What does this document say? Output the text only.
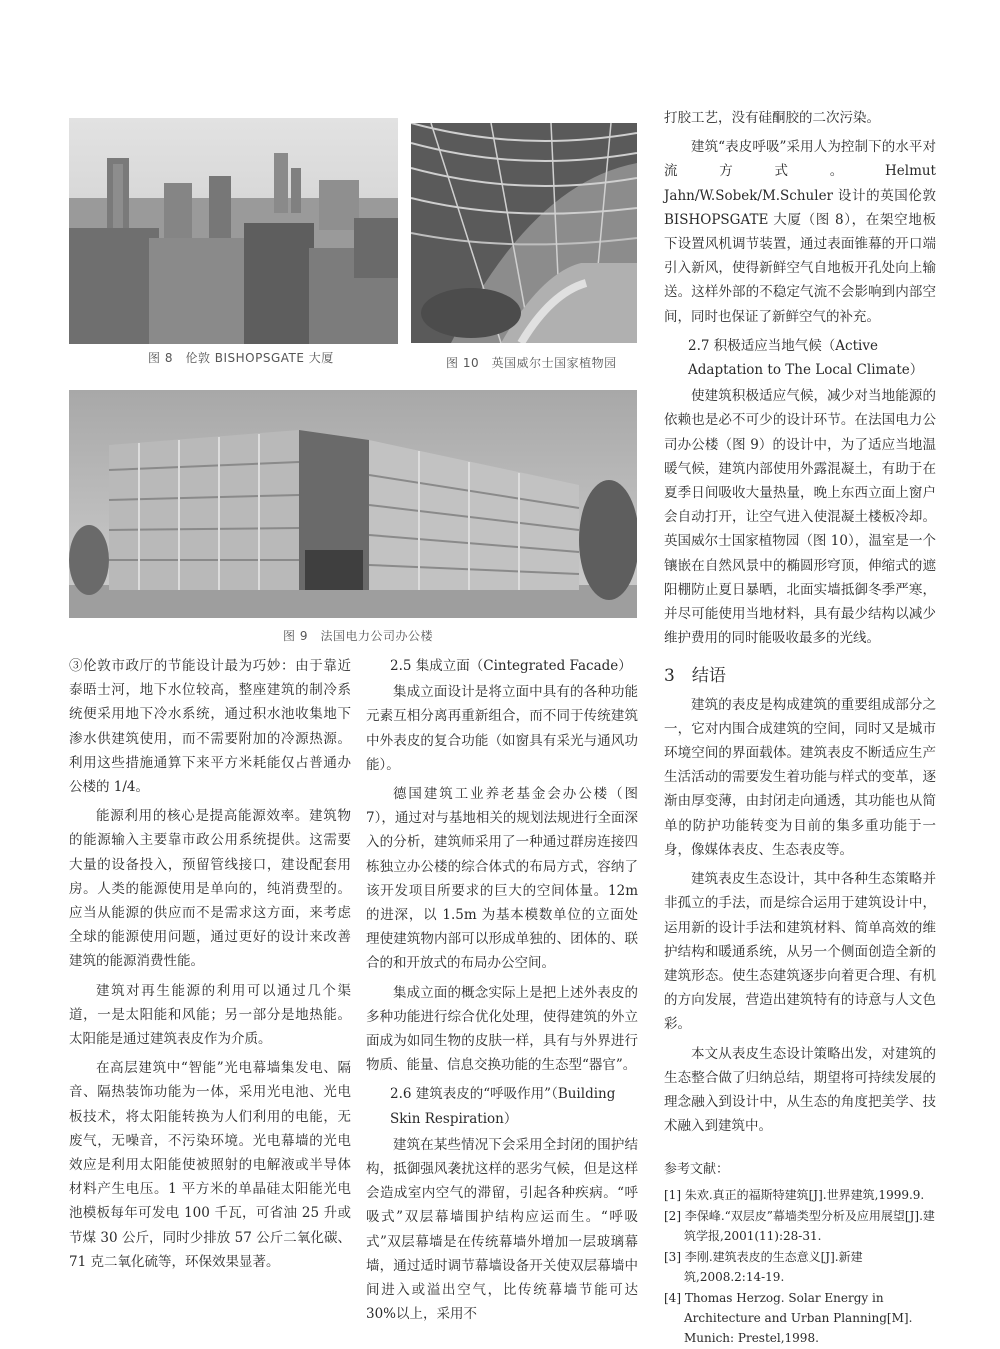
图 8　伦敦 BISHOPSGATE 大厦	图 10　英国威尔士国家植物园
图 9　法国电力公司办公楼

③伦敦市政厅的节能设计最为巧妙：由于靠近泰晤士河，地下水位较高，整座建筑的制冷系统便采用地下冷水系统，通过积水池收集地下渗水供建筑使用，而不需要附加的冷源热源。利用这些措施通算下来平方米耗能仅占普通办公楼的 1/4。

能源利用的核心是提高能源效率。建筑物的能源输入主要靠市政公用系统提供。这需要大量的设备投入，预留管线接口，建设配套用房。人类的能源使用是单向的，纯消费型的。应当从能源的供应而不是需求这方面，来考虑全球的能源使用问题，通过更好的设计来改善建筑的能源消费性能。

建筑对再生能源的利用可以通过几个渠道，一是太阳能和风能；另一部分是地热能。太阳能是通过建筑表皮作为介质。

在高层建筑中“智能”光电幕墙集发电、隔音、隔热装饰功能为一体，采用光电池、光电板技术，将太阳能转换为人们利用的电能，无废气，无噪音，不污染环境。光电幕墙的光电效应是利用太阳能使被照射的电解液或半导体材料产生电压。1 平方米的单晶硅太阳能光电池模板每年可发电 100 千瓦，可省油 25 升或节煤 30 公斤，同时少排放 57 公斤二氧化碳、71 克二氧化硫等，环保效果显著。

2.5 集成立面（Cintegrated Facade）

集成立面设计是将立面中具有的各种功能元素互相分离再重新组合，而不同于传统建筑中外表皮的复合功能（如窗具有采光与通风功能）。

德国建筑工业养老基金会办公楼（图 7），通过对与基地相关的规划法规进行全面深入的分析，建筑师采用了一种通过群房连接四栋独立办公楼的综合体式的布局方式，容纳了该开发项目所要求的巨大的空间体量。12m 的进深，以 1.5m 为基本模数单位的立面处理使建筑物内部可以形成单独的、团体的、联合的和开放式的布局办公空间。

集成立面的概念实际上是把上述外表皮的多种功能进行综合优化处理，使得建筑的外立面成为如同生物的皮肤一样，具有与外界进行物质、能量、信息交换功能的生态型“器官”。

2.6 建筑表皮的“呼吸作用”（Building Skin Respiration）

建筑在某些情况下会采用全封闭的围护结构，抵御强风袭扰这样的恶劣气候，但是这样会造成室内空气的滞留，引起各种疾病。“呼吸式”双层幕墙围护结构应运而生。“呼吸式”双层幕墙是在传统幕墙外增加一层玻璃幕墙，通过适时调节幕墙设备开关使双层幕墙中间进入或溢出空气，比传统幕墙节能可达 30%以上，采用不

打胶工艺，没有硅酮胶的二次污染。

建筑“表皮呼吸”采用人为控制下的水平对流方式。Helmut Jahn/W.Sobek/M.Schuler 设计的英国伦敦 BISHOPSGATE 大厦（图 8），在架空地板下设置风机调节装置，通过表面锥幕的开口端引入新风，使得新鲜空气自地板开孔处向上输送。这样外部的不稳定气流不会影响到内部空间，同时也保证了新鲜空气的补充。

2.7 积极适应当地气候（Active Adaptation to The Local Climate）

使建筑积极适应气候，减少对当地能源的依赖也是必不可少的设计环节。在法国电力公司办公楼（图 9）的设计中，为了适应当地温暖气候，建筑内部使用外露混凝土，有助于在夏季日间吸收大量热量，晚上东西立面上窗户会自动打开，让空气进入使混凝土楼板冷却。英国威尔士国家植物园（图 10），温室是一个镶嵌在自然风景中的椭圆形穹顶，伸缩式的遮阳棚防止夏日暴晒，北面实墙抵御冬季严寒，并尽可能使用当地材料，具有最少结构以减少维护费用的同时能吸收最多的光线。

3　结语

建筑的表皮是构成建筑的重要组成部分之一，它对内围合成建筑的空间，同时又是城市环境空间的界面载体。建筑表皮不断适应生产生活活动的需要发生着功能与样式的变革，逐渐由厚变薄，由封闭走向通透，其功能也从简单的防护功能转变为目前的集多重功能于一身，像媒体表皮、生态表皮等。

建筑表皮生态设计，其中各种生态策略并非孤立的手法，而是综合运用于建筑设计中，运用新的设计手法和建筑材料、简单高效的维护结构和暖通系统，从另一个侧面创造全新的建筑形态。使生态建筑逐步向着更合理、有机的方向发展，营造出建筑特有的诗意与人文色彩。

本文从表皮生态设计策略出发，对建筑的生态整合做了归纳总结，期望将可持续发展的理念融入到设计中，从生态的角度把美学、技术融入到建筑中。

参考文献：
[1] 朱欢.真正的福斯特建筑[J].世界建筑,1999.9.
[2] 李保峰.“双层皮”幕墙类型分析及应用展望[J].建筑学报,2001(11):28-31.
[3] 李刚.建筑表皮的生态意义[J].新建筑,2008.2:14-19.
[4] Thomas Herzog. Solar Energy in Architecture and Urban Planning[M]. Munich: Prestel,1998.
